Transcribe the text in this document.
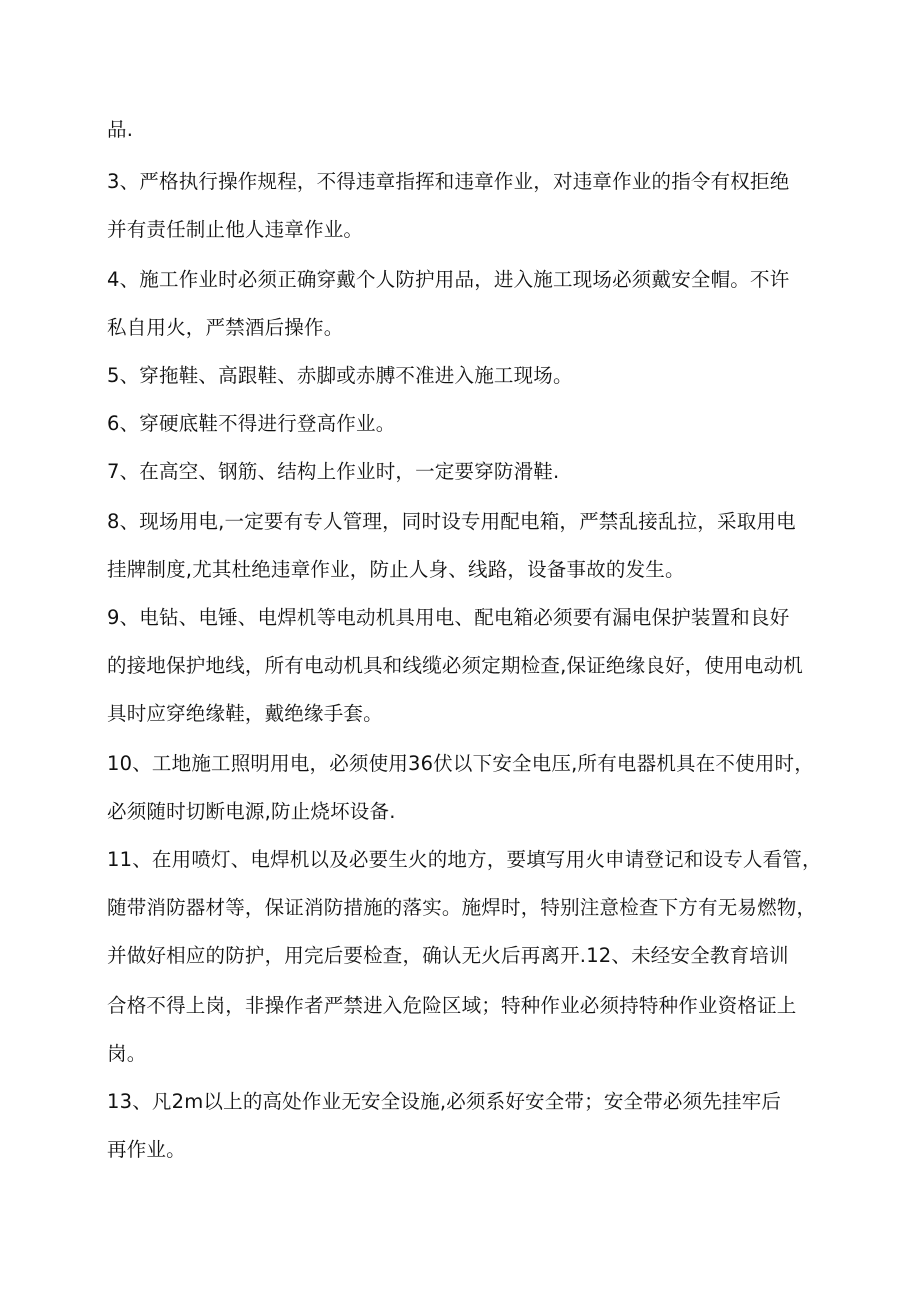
品.
3、严格执行操作规程，不得违章指挥和违章作业，对违章作业的指令有权拒绝
并有责任制止他人违章作业。
4、施工作业时必须正确穿戴个人防护用品，进入施工现场必须戴安全帽。不许
私自用火，严禁酒后操作。
5、穿拖鞋、高跟鞋、赤脚或赤膊不准进入施工现场。
6、穿硬底鞋不得进行登高作业。
7、在高空、钢筋、结构上作业时，一定要穿防滑鞋.
8、现场用电,一定要有专人管理，同时设专用配电箱，严禁乱接乱拉，采取用电
挂牌制度,尤其杜绝违章作业，防止人身、线路，设备事故的发生。
9、电钻、电锤、电焊机等电动机具用电、配电箱必须要有漏电保护装置和良好
的接地保护地线，所有电动机具和线缆必须定期检查,保证绝缘良好，使用电动机
具时应穿绝缘鞋，戴绝缘手套。
10、工地施工照明用电，必须使用36伏以下安全电压,所有电器机具在不使用时，
必须随时切断电源,防止烧坏设备.
11、在用喷灯、电焊机以及必要生火的地方，要填写用火申请登记和设专人看管，
随带消防器材等，保证消防措施的落实。施焊时，特别注意检查下方有无易燃物，
并做好相应的防护，用完后要检查，确认无火后再离开.12、未经安全教育培训
合格不得上岗，非操作者严禁进入危险区域；特种作业必须持特种作业资格证上
岗。
13、凡2m以上的高处作业无安全设施,必须系好安全带；安全带必须先挂牢后
再作业。
